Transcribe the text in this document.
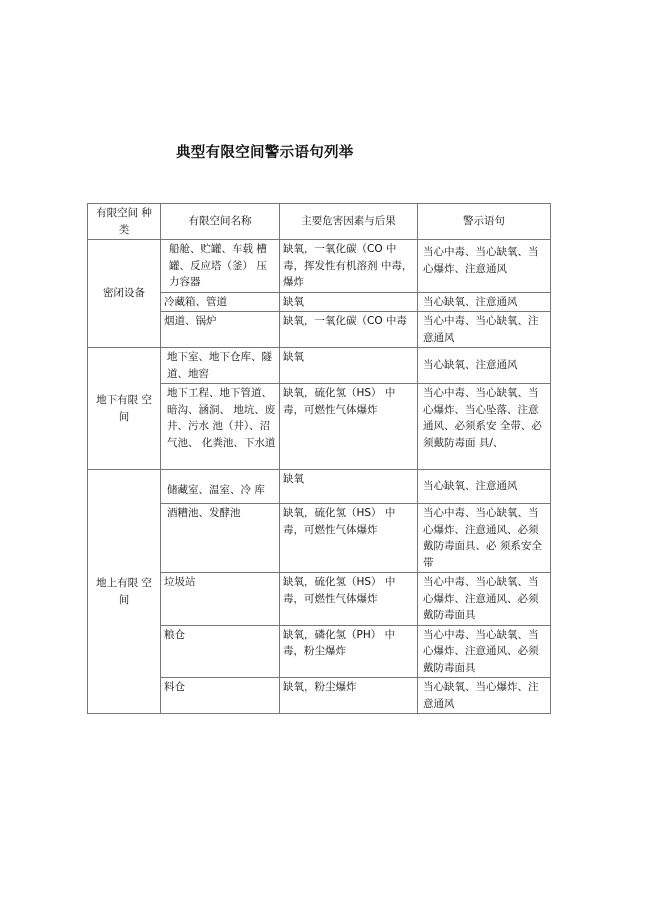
典型有限空间警示语句列举
有限空间 种类	有限空间名称	主要危害因素与后果	警示语句
密闭设备	船舱、贮罐、车载 槽罐、反应塔（釜） 压力容器	缺氧，一氧化碳（CO 中毒，挥发性有机溶剂 中毒，爆炸	当心中毒、当心缺氧、当心爆炸、注意通风
	冷藏箱、管道	缺氧	当心缺氧、注意通风
	烟道、锅炉	缺氧，一氧化碳（CO 中毒	当心中毒、当心缺氧、注意通风
地下有限 空间	地下室、地下仓库、隧道、地窖	缺氧	当心缺氧、注意通风
	地下工程、地下管道、暗沟、涵洞、 地坑、废井、污水 池（井）、沼气池、 化粪池、下水道	缺氧，硫化氢（HS） 中毒，可燃性气体爆炸	当心中毒、当心缺氧、当心爆炸、当心坠落、注意通风、必须系安 全带、必须戴防毒面 具/、
地上有限 空间	储藏室、温室、冷 库	缺氧	当心缺氧、注意通风
	酒糟池、发酵池	缺氧，硫化氢（HS） 中毒，可燃性气体爆炸	当心中毒、当心缺氧、当心爆炸、注意通风、必须戴防毒面具、必 须系安全带
	垃圾站	缺氧，硫化氢（HS） 中毒，可燃性气体爆炸	当心中毒、当心缺氧、当心爆炸、注意通风、必须戴防毒面具
	粮仓	缺氧，磷化氢（PH） 中毒，粉尘爆炸	当心中毒、当心缺氧、当心爆炸、注意通风、必须戴防毒面具
	料仓	缺氧，粉尘爆炸	当心缺氧、当心爆炸、注意通风
